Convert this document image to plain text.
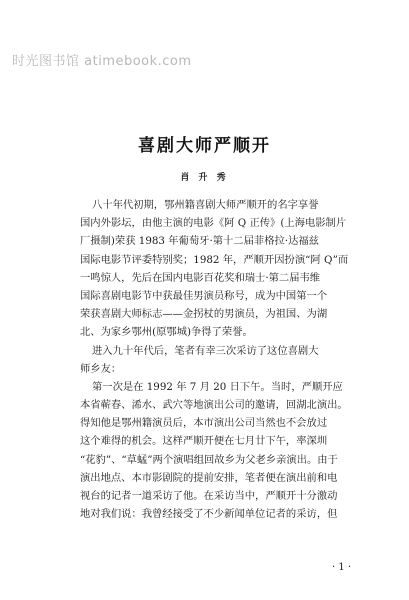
时光图书馆 atimebook.com
喜剧大师严顺开
肖 升 秀
八十年代初期，鄂州籍喜剧大师严顺开的名字享誉
国内外影坛，由他主演的电影《阿 Q 正传》(上海电影制片
厂摄制)荣获 1983 年葡萄牙·第十二届菲格拉·达福兹
国际电影节评委特别奖；1982 年，严顺开因扮演“阿 Q”而
一鸣惊人，先后在国内电影百花奖和瑞士·第二届韦维
国际喜剧电影节中获最佳男演员称号，成为中国第一个
荣获喜剧大师标志——金拐杖的男演员，为祖国、为湖
北、为家乡鄂州(原鄂城)争得了荣誉。
进入九十年代后，笔者有幸三次采访了这位喜剧大
师乡友：
第一次是在 1992 年 7 月 20 日下午。当时，严顺开应
本省蕲春、浠水、武穴等地演出公司的邀请，回湖北演出。
得知他是鄂州籍演员后，本市演出公司当然也不会放过
这个难得的机会。这样严顺开便在七月廿下午，率深圳
“花豹”、“草蜢”两个演唱组回故乡为父老乡亲演出。由于
演出地点、本市影剧院的提前安排，笔者便在演出前和电
视台的记者一道采访了他。在采访当中，严顺开十分激动
地对我们说：我曾经接受了不少新闻单位记者的采访，但
· 1 ·
